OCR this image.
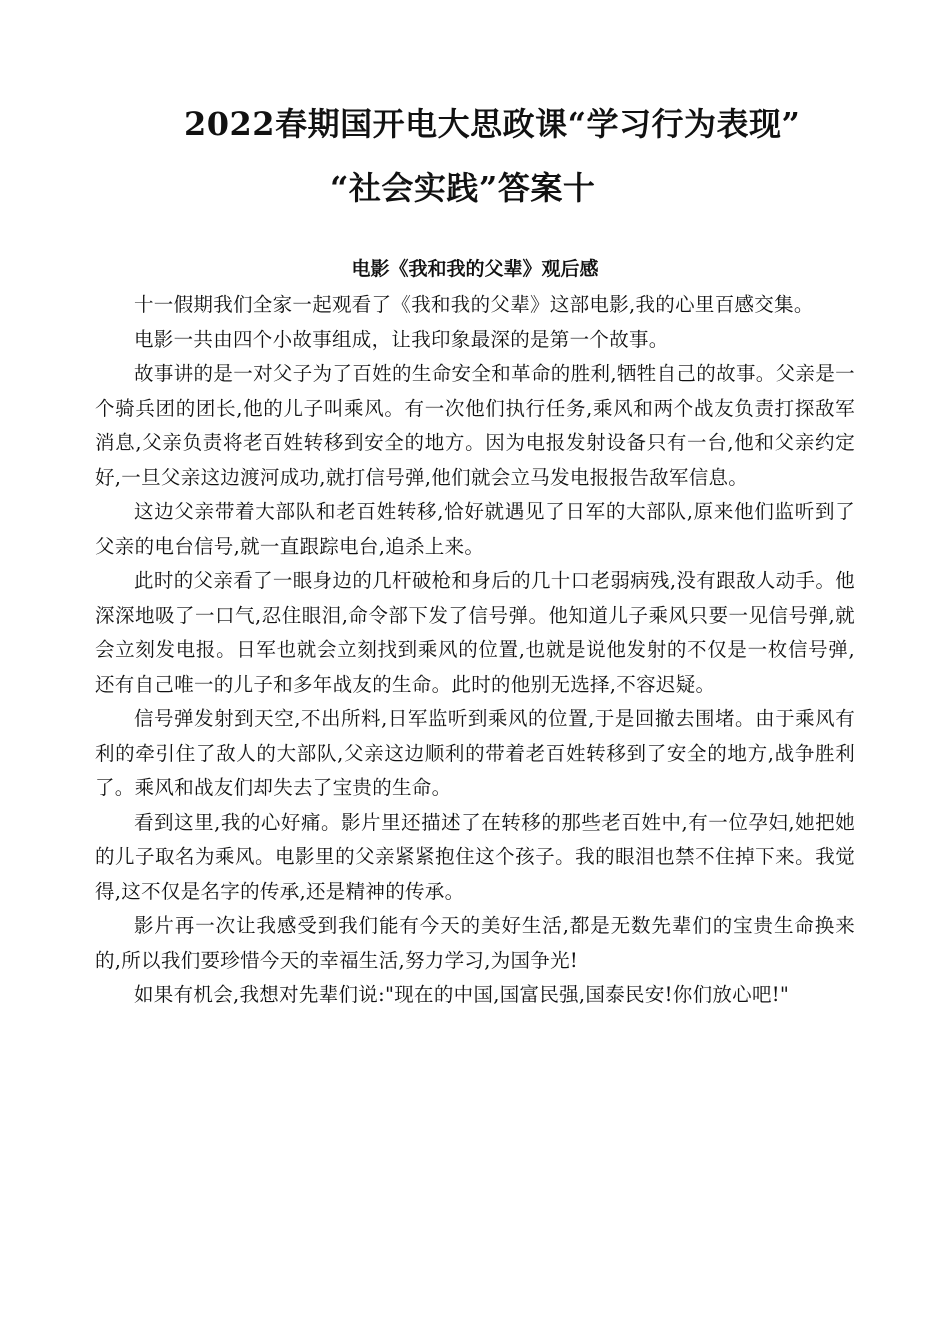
2022春期国开电大思政课“学习行为表现”
“社会实践”答案十
电影《我和我的父辈》观后感

十一假期我们全家一起观看了《我和我的父辈》这部电影,我的心里百感交集。

电影一共由四个小故事组成，让我印象最深的是第一个故事。

故事讲的是一对父子为了百姓的生命安全和革命的胜利,牺牲自己的故事。父亲是一个骑兵团的团长,他的儿子叫乘风。有一次他们执行任务,乘风和两个战友负责打探敌军消息,父亲负责将老百姓转移到安全的地方。因为电报发射设备只有一台,他和父亲约定好,一旦父亲这边渡河成功,就打信号弹,他们就会立马发电报报告敌军信息。

这边父亲带着大部队和老百姓转移,恰好就遇见了日军的大部队,原来他们监听到了父亲的电台信号,就一直跟踪电台,追杀上来。

此时的父亲看了一眼身边的几杆破枪和身后的几十口老弱病残,没有跟敌人动手。他深深地吸了一口气,忍住眼泪,命令部下发了信号弹。他知道儿子乘风只要一见信号弹,就会立刻发电报。日军也就会立刻找到乘风的位置,也就是说他发射的不仅是一枚信号弹,还有自己唯一的儿子和多年战友的生命。此时的他别无选择,不容迟疑。

信号弹发射到天空,不出所料,日军监听到乘风的位置,于是回撤去围堵。由于乘风有利的牵引住了敌人的大部队,父亲这边顺利的带着老百姓转移到了安全的地方,战争胜利了。乘风和战友们却失去了宝贵的生命。

看到这里,我的心好痛。影片里还描述了在转移的那些老百姓中,有一位孕妇,她把她的儿子取名为乘风。电影里的父亲紧紧抱住这个孩子。我的眼泪也禁不住掉下来。我觉得,这不仅是名字的传承,还是精神的传承。

影片再一次让我感受到我们能有今天的美好生活,都是无数先辈们的宝贵生命换来的,所以我们要珍惜今天的幸福生活,努力学习,为国争光!

如果有机会,我想对先辈们说:"现在的中国,国富民强,国泰民安!你们放心吧!"
